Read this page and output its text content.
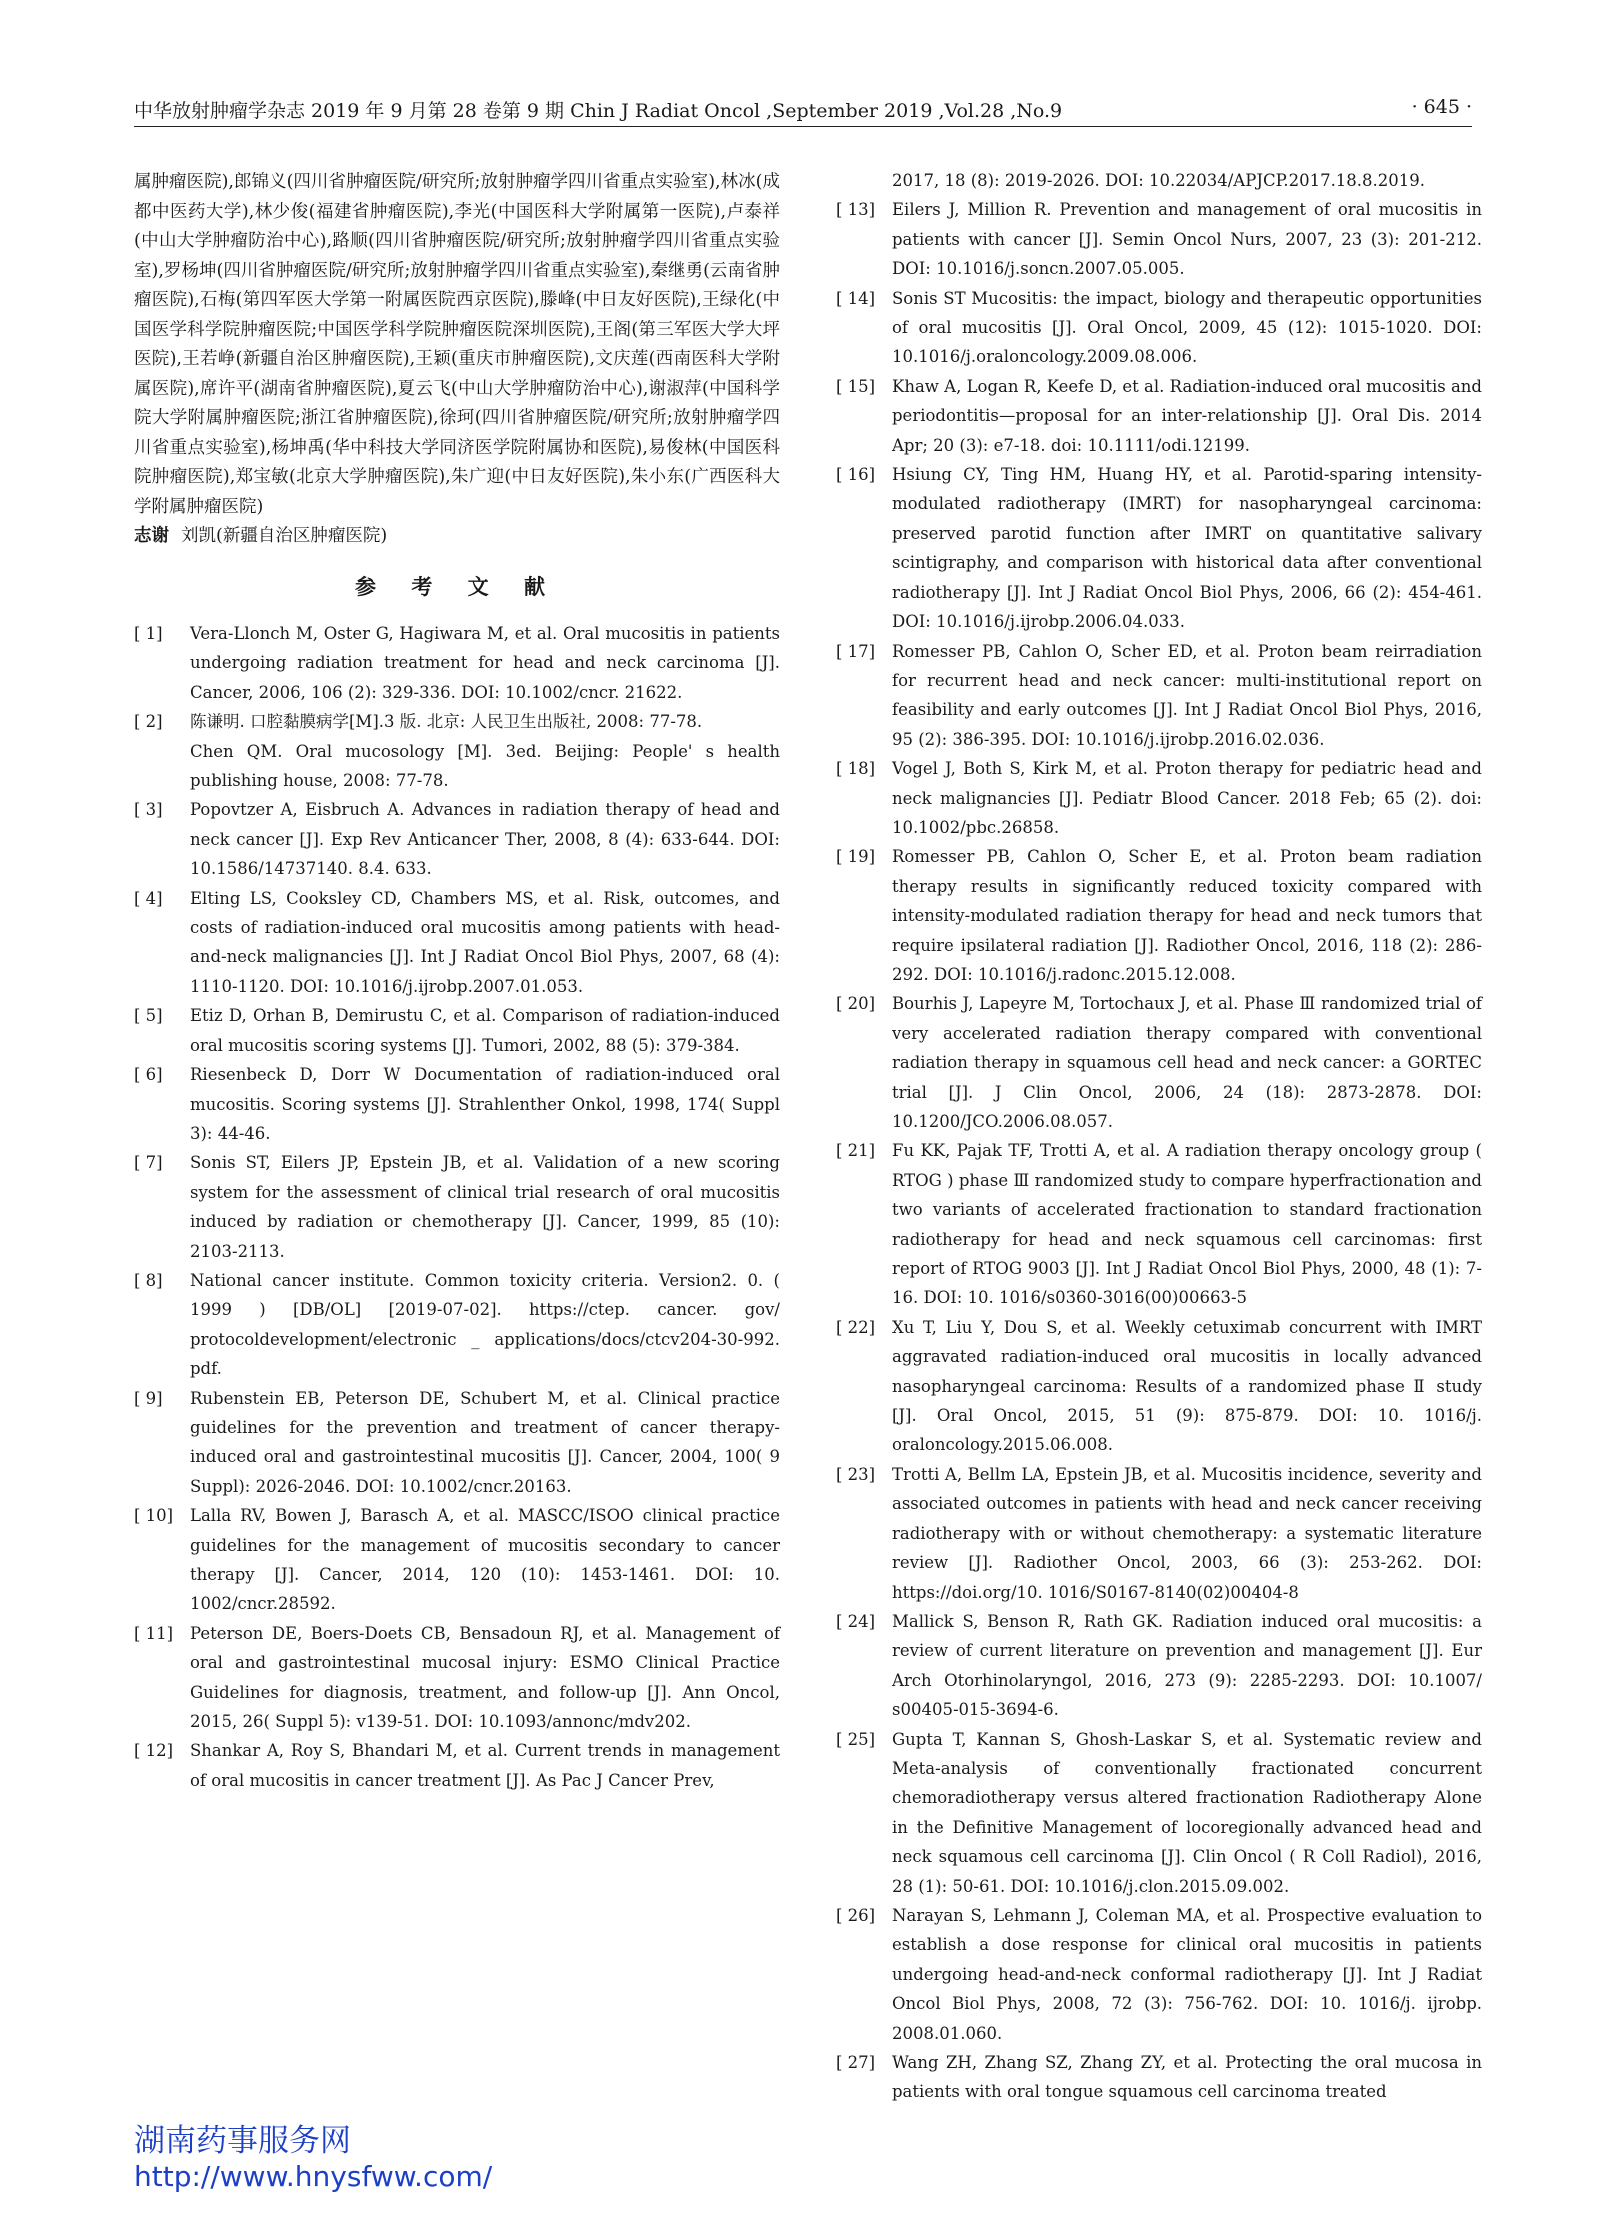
中华放射肿瘤学杂志 2019 年 9 月第 28 卷第 9 期 Chin J Radiat Oncol ,September 2019 ,Vol.28 ,No.9	· 645 ·

属肿瘤医院),郎锦义(四川省肿瘤医院/研究所;放射肿瘤学四川省重点实验室),林冰(成都中医药大学),林少俊(福建省肿瘤医院),李光(中国医科大学附属第一医院),卢泰祥(中山大学肿瘤防治中心),路顺(四川省肿瘤医院/研究所;放射肿瘤学四川省重点实验室),罗杨坤(四川省肿瘤医院/研究所;放射肿瘤学四川省重点实验室),秦继勇(云南省肿瘤医院),石梅(第四军医大学第一附属医院西京医院),滕峰(中日友好医院),王绿化(中国医学科学院肿瘤医院;中国医学科学院肿瘤医院深圳医院),王阁(第三军医大学大坪医院),王若峥(新疆自治区肿瘤医院),王颖(重庆市肿瘤医院),文庆莲(西南医科大学附属医院),席许平(湖南省肿瘤医院),夏云飞(中山大学肿瘤防治中心),谢淑萍(中国科学院大学附属肿瘤医院;浙江省肿瘤医院),徐珂(四川省肿瘤医院/研究所;放射肿瘤学四川省重点实验室),杨坤禹(华中科技大学同济医学院附属协和医院),易俊林(中国医科院肿瘤医院),郑宝敏(北京大学肿瘤医院),朱广迎(中日友好医院),朱小东(广西医科大学附属肿瘤医院)

志谢 刘凯(新疆自治区肿瘤医院)

参 考 文 献
[ 1]	Vera-Llonch M, Oster G, Hagiwara M, et al. Oral mucositis in patients undergoing radiation treatment for head and neck carcinoma [J]. Cancer, 2006, 106 (2): 329-336. DOI: 10.1002/cncr. 21622.
[ 2]	陈谦明. 口腔黏膜病学[M].3 版. 北京: 人民卫生出版社, 2008: 77-78.
Chen QM. Oral mucosology [M]. 3ed. Beijing: People' s health publishing house, 2008: 77-78.
[ 3]	Popovtzer A, Eisbruch A. Advances in radiation therapy of head and neck cancer [J]. Exp Rev Anticancer Ther, 2008, 8 (4): 633-644. DOI: 10.1586/14737140. 8.4. 633.
[ 4]	Elting LS, Cooksley CD, Chambers MS, et al. Risk, outcomes, and costs of radiation-induced oral mucositis among patients with head-and-neck malignancies [J]. Int J Radiat Oncol Biol Phys, 2007, 68 (4): 1110-1120. DOI: 10.1016/j.ijrobp.2007.01.053.
[ 5]	Etiz D, Orhan B, Demirustu C, et al. Comparison of radiation-induced oral mucositis scoring systems [J]. Tumori, 2002, 88 (5): 379-384.
[ 6]	Riesenbeck D, Dorr W Documentation of radiation-induced oral mucositis. Scoring systems [J]. Strahlenther Onkol, 1998, 174( Suppl 3): 44-46.
[ 7]	Sonis ST, Eilers JP, Epstein JB, et al. Validation of a new scoring system for the assessment of clinical trial research of oral mucositis induced by radiation or chemotherapy [J]. Cancer, 1999, 85 (10): 2103-2113.
[ 8]	National cancer institute. Common toxicity criteria. Version2. 0. ( 1999 ) [DB/OL] [2019-07-02]. https://ctep. cancer. gov/ protocoldevelopment/electronic _ applications/docs/ctcv204-30-992. pdf.
[ 9]	Rubenstein EB, Peterson DE, Schubert M, et al. Clinical practice guidelines for the prevention and treatment of cancer therapy-induced oral and gastrointestinal mucositis [J]. Cancer, 2004, 100( 9 Suppl): 2026-2046. DOI: 10.1002/cncr.20163.
[ 10]	Lalla RV, Bowen J, Barasch A, et al. MASCC/ISOO clinical practice guidelines for the management of mucositis secondary to cancer therapy [J]. Cancer, 2014, 120 (10): 1453-1461. DOI: 10. 1002/cncr.28592.
[ 11]	Peterson DE, Boers-Doets CB, Bensadoun RJ, et al. Management of oral and gastrointestinal mucosal injury: ESMO Clinical Practice Guidelines for diagnosis, treatment, and follow-up [J]. Ann Oncol, 2015, 26( Suppl 5): v139-51. DOI: 10.1093/annonc/mdv202.
[ 12]	Shankar A, Roy S, Bhandari M, et al. Current trends in management of oral mucositis in cancer treatment [J]. As Pac J Cancer Prev,
2017, 18 (8): 2019-2026. DOI: 10.22034/APJCP.2017.18.8.2019.
[ 13]	Eilers J, Million R. Prevention and management of oral mucositis in patients with cancer [J]. Semin Oncol Nurs, 2007, 23 (3): 201-212. DOI: 10.1016/j.soncn.2007.05.005.
[ 14]	Sonis ST Mucositis: the impact, biology and therapeutic opportunities of oral mucositis [J]. Oral Oncol, 2009, 45 (12): 1015-1020. DOI: 10.1016/j.oraloncology.2009.08.006.
[ 15]	Khaw A, Logan R, Keefe D, et al. Radiation-induced oral mucositis and periodontitis—proposal for an inter-relationship [J]. Oral Dis. 2014 Apr; 20 (3): e7-18. doi: 10.1111/odi.12199.
[ 16]	Hsiung CY, Ting HM, Huang HY, et al. Parotid-sparing intensity-modulated radiotherapy (IMRT) for nasopharyngeal carcinoma: preserved parotid function after IMRT on quantitative salivary scintigraphy, and comparison with historical data after conventional radiotherapy [J]. Int J Radiat Oncol Biol Phys, 2006, 66 (2): 454-461. DOI: 10.1016/j.ijrobp.2006.04.033.
[ 17]	Romesser PB, Cahlon O, Scher ED, et al. Proton beam reirradiation for recurrent head and neck cancer: multi-institutional report on feasibility and early outcomes [J]. Int J Radiat Oncol Biol Phys, 2016, 95 (2): 386-395. DOI: 10.1016/j.ijrobp.2016.02.036.
[ 18]	Vogel J, Both S, Kirk M, et al. Proton therapy for pediatric head and neck malignancies [J]. Pediatr Blood Cancer. 2018 Feb; 65 (2). doi: 10.1002/pbc.26858.
[ 19]	Romesser PB, Cahlon O, Scher E, et al. Proton beam radiation therapy results in significantly reduced toxicity compared with intensity-modulated radiation therapy for head and neck tumors that require ipsilateral radiation [J]. Radiother Oncol, 2016, 118 (2): 286-292. DOI: 10.1016/j.radonc.2015.12.008.
[ 20]	Bourhis J, Lapeyre M, Tortochaux J, et al. Phase Ⅲ randomized trial of very accelerated radiation therapy compared with conventional radiation therapy in squamous cell head and neck cancer: a GORTEC trial [J]. J Clin Oncol, 2006, 24 (18): 2873-2878. DOI: 10.1200/JCO.2006.08.057.
[ 21]	Fu KK, Pajak TF, Trotti A, et al. A radiation therapy oncology group ( RTOG ) phase Ⅲ randomized study to compare hyperfractionation and two variants of accelerated fractionation to standard fractionation radiotherapy for head and neck squamous cell carcinomas: first report of RTOG 9003 [J]. Int J Radiat Oncol Biol Phys, 2000, 48 (1): 7-16. DOI: 10. 1016/s0360-3016(00)00663-5
[ 22]	Xu T, Liu Y, Dou S, et al. Weekly cetuximab concurrent with IMRT aggravated radiation-induced oral mucositis in locally advanced nasopharyngeal carcinoma: Results of a randomized phase Ⅱ study [J]. Oral Oncol, 2015, 51 (9): 875-879. DOI: 10. 1016/j. oraloncology.2015.06.008.
[ 23]	Trotti A, Bellm LA, Epstein JB, et al. Mucositis incidence, severity and associated outcomes in patients with head and neck cancer receiving radiotherapy with or without chemotherapy: a systematic literature review [J]. Radiother Oncol, 2003, 66 (3): 253-262. DOI: https://doi.org/10. 1016/S0167-8140(02)00404-8
[ 24]	Mallick S, Benson R, Rath GK. Radiation induced oral mucositis: a review of current literature on prevention and management [J]. Eur Arch Otorhinolaryngol, 2016, 273 (9): 2285-2293. DOI: 10.1007/ s00405-015-3694-6.
[ 25]	Gupta T, Kannan S, Ghosh-Laskar S, et al. Systematic review and Meta-analysis of conventionally fractionated concurrent chemoradiotherapy versus altered fractionation Radiotherapy Alone in the Definitive Management of locoregionally advanced head and neck squamous cell carcinoma [J]. Clin Oncol ( R Coll Radiol), 2016, 28 (1): 50-61. DOI: 10.1016/j.clon.2015.09.002.
[ 26]	Narayan S, Lehmann J, Coleman MA, et al. Prospective evaluation to establish a dose response for clinical oral mucositis in patients undergoing head-and-neck conformal radiotherapy [J]. Int J Radiat Oncol Biol Phys, 2008, 72 (3): 756-762. DOI: 10. 1016/j. ijrobp. 2008.01.060.
[ 27]	Wang ZH, Zhang SZ, Zhang ZY, et al. Protecting the oral mucosa in patients with oral tongue squamous cell carcinoma treated
湖南药事服务网
http://www.hnysfww.com/
